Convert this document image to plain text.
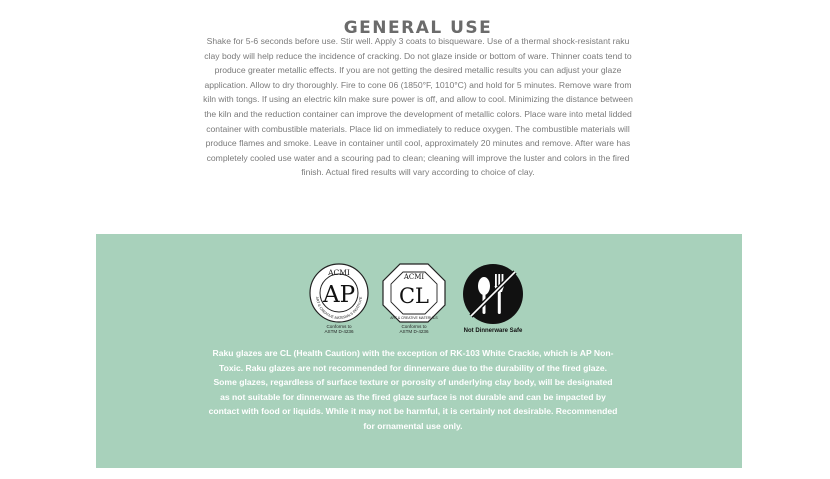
GENERAL USE

Shake for 5-6 seconds before use. Stir well. Apply 3 coats to bisqueware. Use of a thermal shock-resistant raku clay body will help reduce the incidence of cracking. Do not glaze inside or bottom of ware. Thinner coats tend to produce greater metallic effects. If you are not getting the desired metallic results you can adjust your glaze application. Allow to dry thoroughly. Fire to cone 06 (1850°F, 1010°C) and hold for 5 minutes. Remove ware from kiln with tongs. If using an electric kiln make sure power is off, and allow to cool. Minimizing the distance between the kiln and the reduction container can improve the development of metallic colors. Place ware into metal lidded container with combustible materials. Place lid on immediately to reduce oxygen. The combustible materials will produce flames and smoke. Leave in container until cool, approximately 20 minutes and remove. After ware has completely cooled use water and a scouring pad to clean; cleaning will improve the luster and colors in the fired finish. Actual fired results will vary according to choice of clay.

ACMI
AP
ART & CREATIVE MATERIALS INSTITUTE
Conforms to
ASTM D-4236
ACMI
CL
ART & CREATIVE MATERIALS
Conforms to
ASTM D-4236	Not Dinnerware Safe

Raku glazes are CL (Health Caution) with the exception of RK-103 White Crackle, which is AP Non-Toxic. Raku glazes are not recommended for dinnerware due to the durability of the fired glaze. Some glazes, regardless of surface texture or porosity of underlying clay body, will be designated as not suitable for dinnerware as the fired glaze surface is not durable and can be impacted by contact with food or liquids. While it may not be harmful, it is certainly not desirable. Recommended for ornamental use only.
